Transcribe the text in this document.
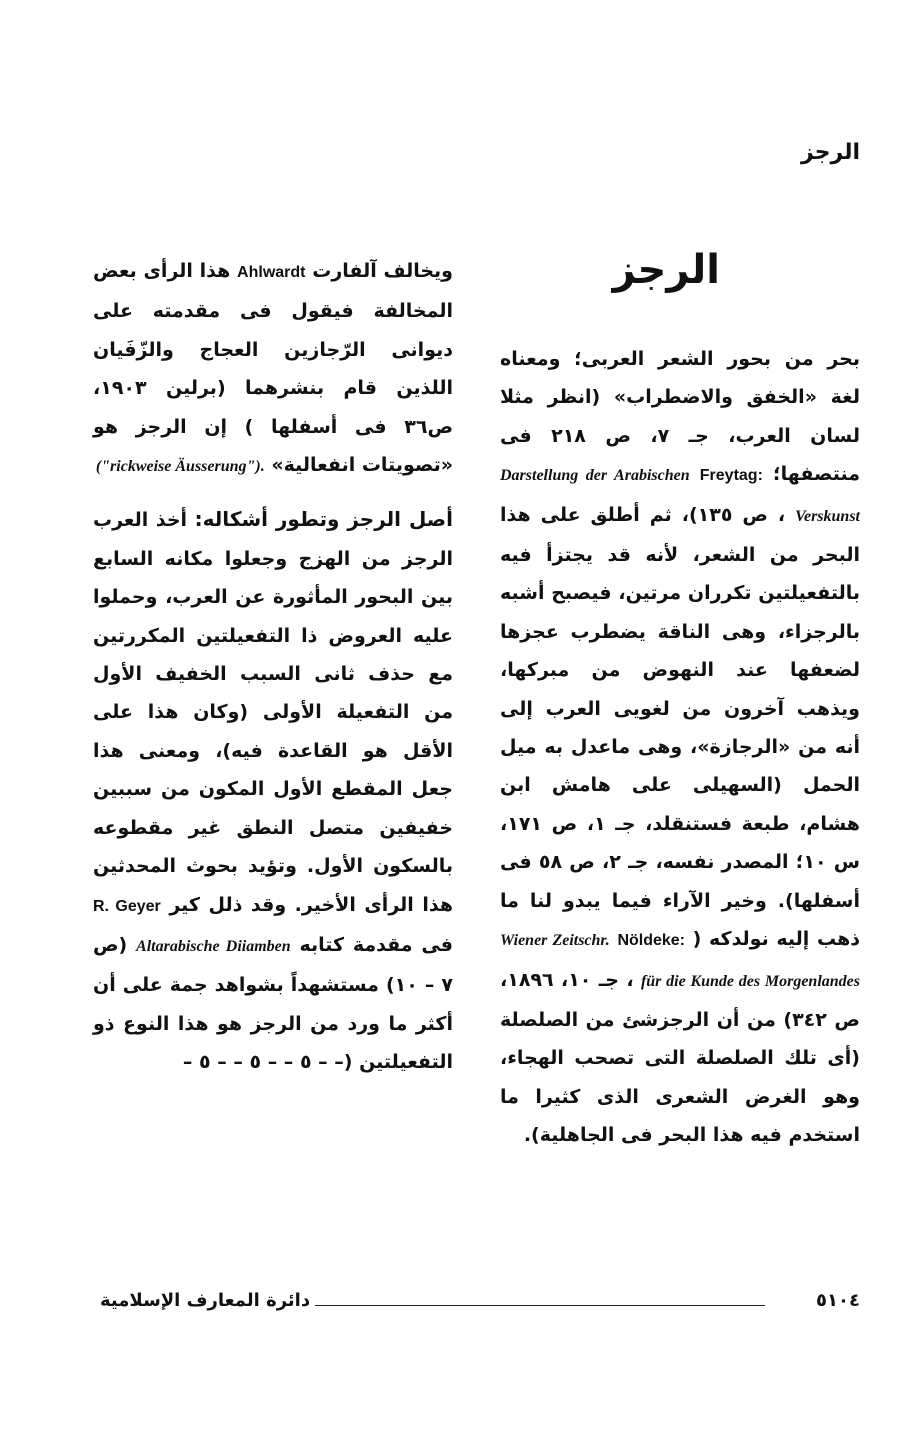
الرجز
الرجز

بحر من بحور الشعر العربى؛ ومعناه لغة «الخفق والاضطراب» (انظر مثلا لسان العرب، جـ ٧، ص ٢١٨ فى منتصفها؛ Freytag: Darstellung der Arabischen Verskunst ، ص ١٣٥)، ثم أطلق على هذا البحر من الشعر، لأنه قد يجتزأ فيه بالتفعيلتين تكرران مرتين، فيصبح أشبه بالرجزاء، وهى الناقة يضطرب عجزها لضعفها عند النهوض من مبركها، ويذهب آخرون من لغويى العرب إلى أنه من «الرجازة»، وهى ماعدل به ميل الحمل (السهيلى على هامش ابن هشام، طبعة فستنقلد، جـ ١، ص ١٧١، س ١٠؛ المصدر نفسه، جـ ٢، ص ٥٨ فى أسفلها). وخير الآراء فيما يبدو لنا ما ذهب إليه نولدكه ( Nöldeke: Wiener Zeitschr. für die Kunde des Morgenlandes ، جـ ١٠، ١٨٩٦، ص ٣٤٢) من أن الرجزشئ من الصلصلة (أى تلك الصلصلة التى تصحب الهجاء، وهو الغرض الشعرى الذى كثيرا ما استخدم فيه هذا البحر فى الجاهلية).

ويخالف آلفارت Ahlwardt هذا الرأى بعض المخالفة فيقول فى مقدمته على ديوانى الرّجازين العجاج والزّفَيان اللذين قام بنشرهما (برلين ١٩٠٣، ص٣٦ فى أسفلها ) إن الرجز هو «تصويتات انفعالية» ("rickweise Äusserung").

أصل الرجز وتطور أشكاله: أخذ العرب الرجز من الهزج وجعلوا مكانه السابع بين البحور المأثورة عن العرب، وحملوا عليه العروض ذا التفعيلتين المكررتين مع حذف ثانى السبب الخفيف الأول من التفعيلة الأولى (وكان هذا على الأقل هو القاعدة فيه)، ومعنى هذا جعل المقطع الأول المكون من سببين خفيفين متصل النطق غير مقطوعه بالسكون الأول. وتؤيد بحوث المحدثين هذا الرأى الأخير. وقد ذلل كير R. Geyer فى مقدمة كتابه Altarabische Diiamben (ص ٧ – ١٠) مستشهداً بشواهد جمة على أن أكثر ما ورد من الرجز هو هذا النوع ذو التفعيلتين (– – ٥ – – ٥ – – ٥ –

٥١٠٤
دائرة المعارف الإسلامية
